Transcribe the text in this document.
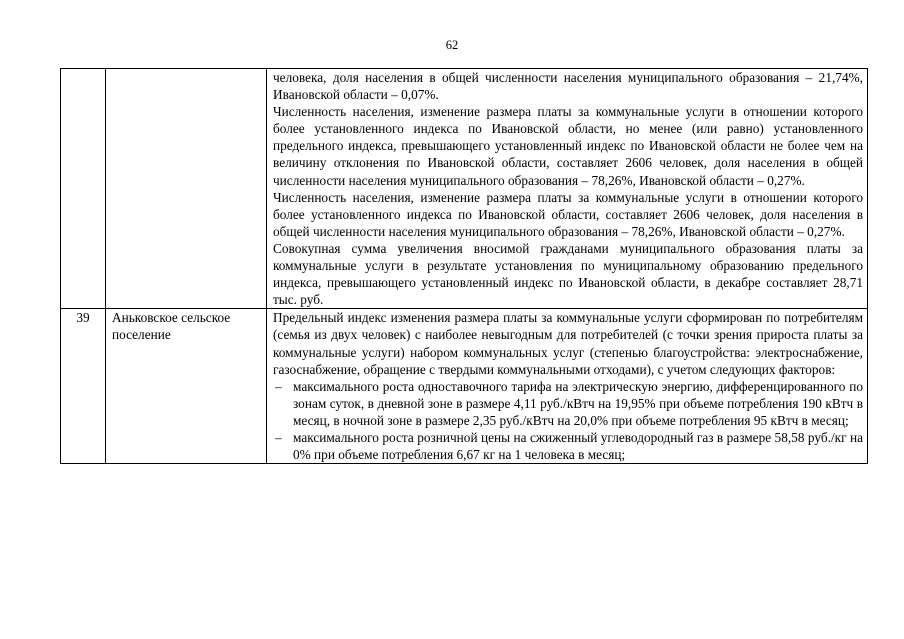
62

		человека, доля населения в общей численности населения муниципального образования – 21,74%, Ивановской области – 0,07%.

Численность населения, изменение размера платы за коммунальные услуги в отношении которого более установленного индекса по Ивановской области, но менее (или равно) установленного предельного индекса, превышающего установленный индекс по Ивановской области не более чем на величину отклонения по Ивановской области, составляет 2606 человек, доля населения в общей численности населения муниципального образования – 78,26%, Ивановской области – 0,27%.

Численность населения, изменение размера платы за коммунальные услуги в отношении которого более установленного индекса по Ивановской области, составляет 2606 человек, доля населения в общей численности населения муниципального образования – 78,26%, Ивановской области – 0,27%.

Совокупная сумма увеличения вносимой гражданами муниципального образования платы за коммунальные услуги в результате установления по муниципальному образованию предельного индекса, превышающего установленный индекс по Ивановской области, в декабре составляет 28,71 тыс. руб.

39	Аньковское сельское поселение	Предельный индекс изменения размера платы за коммунальные услуги сформирован по потребителям (семья из двух человек) с наиболее невыгодным для потребителей (с точки зрения прироста платы за коммунальные услуги) набором коммунальных услуг (степенью благоустройства: электроснабжение, газоснабжение, обращение с твердыми коммунальными отходами), с учетом следующих факторов:

– максимального роста одноставочного тарифа на электрическую энергию, дифференцированного по зонам суток, в дневной зоне в размере 4,11 руб./кВтч на 19,95% при объеме потребления 190 кВтч в месяц, в ночной зоне в размере 2,35 руб./кВтч на 20,0% при объеме потребления 95 кВтч в месяц;
– максимального роста розничной цены на сжиженный углеводородный газ в размере 58,58 руб./кг на 0% при объеме потребления 6,67 кг на 1 человека в месяц;
